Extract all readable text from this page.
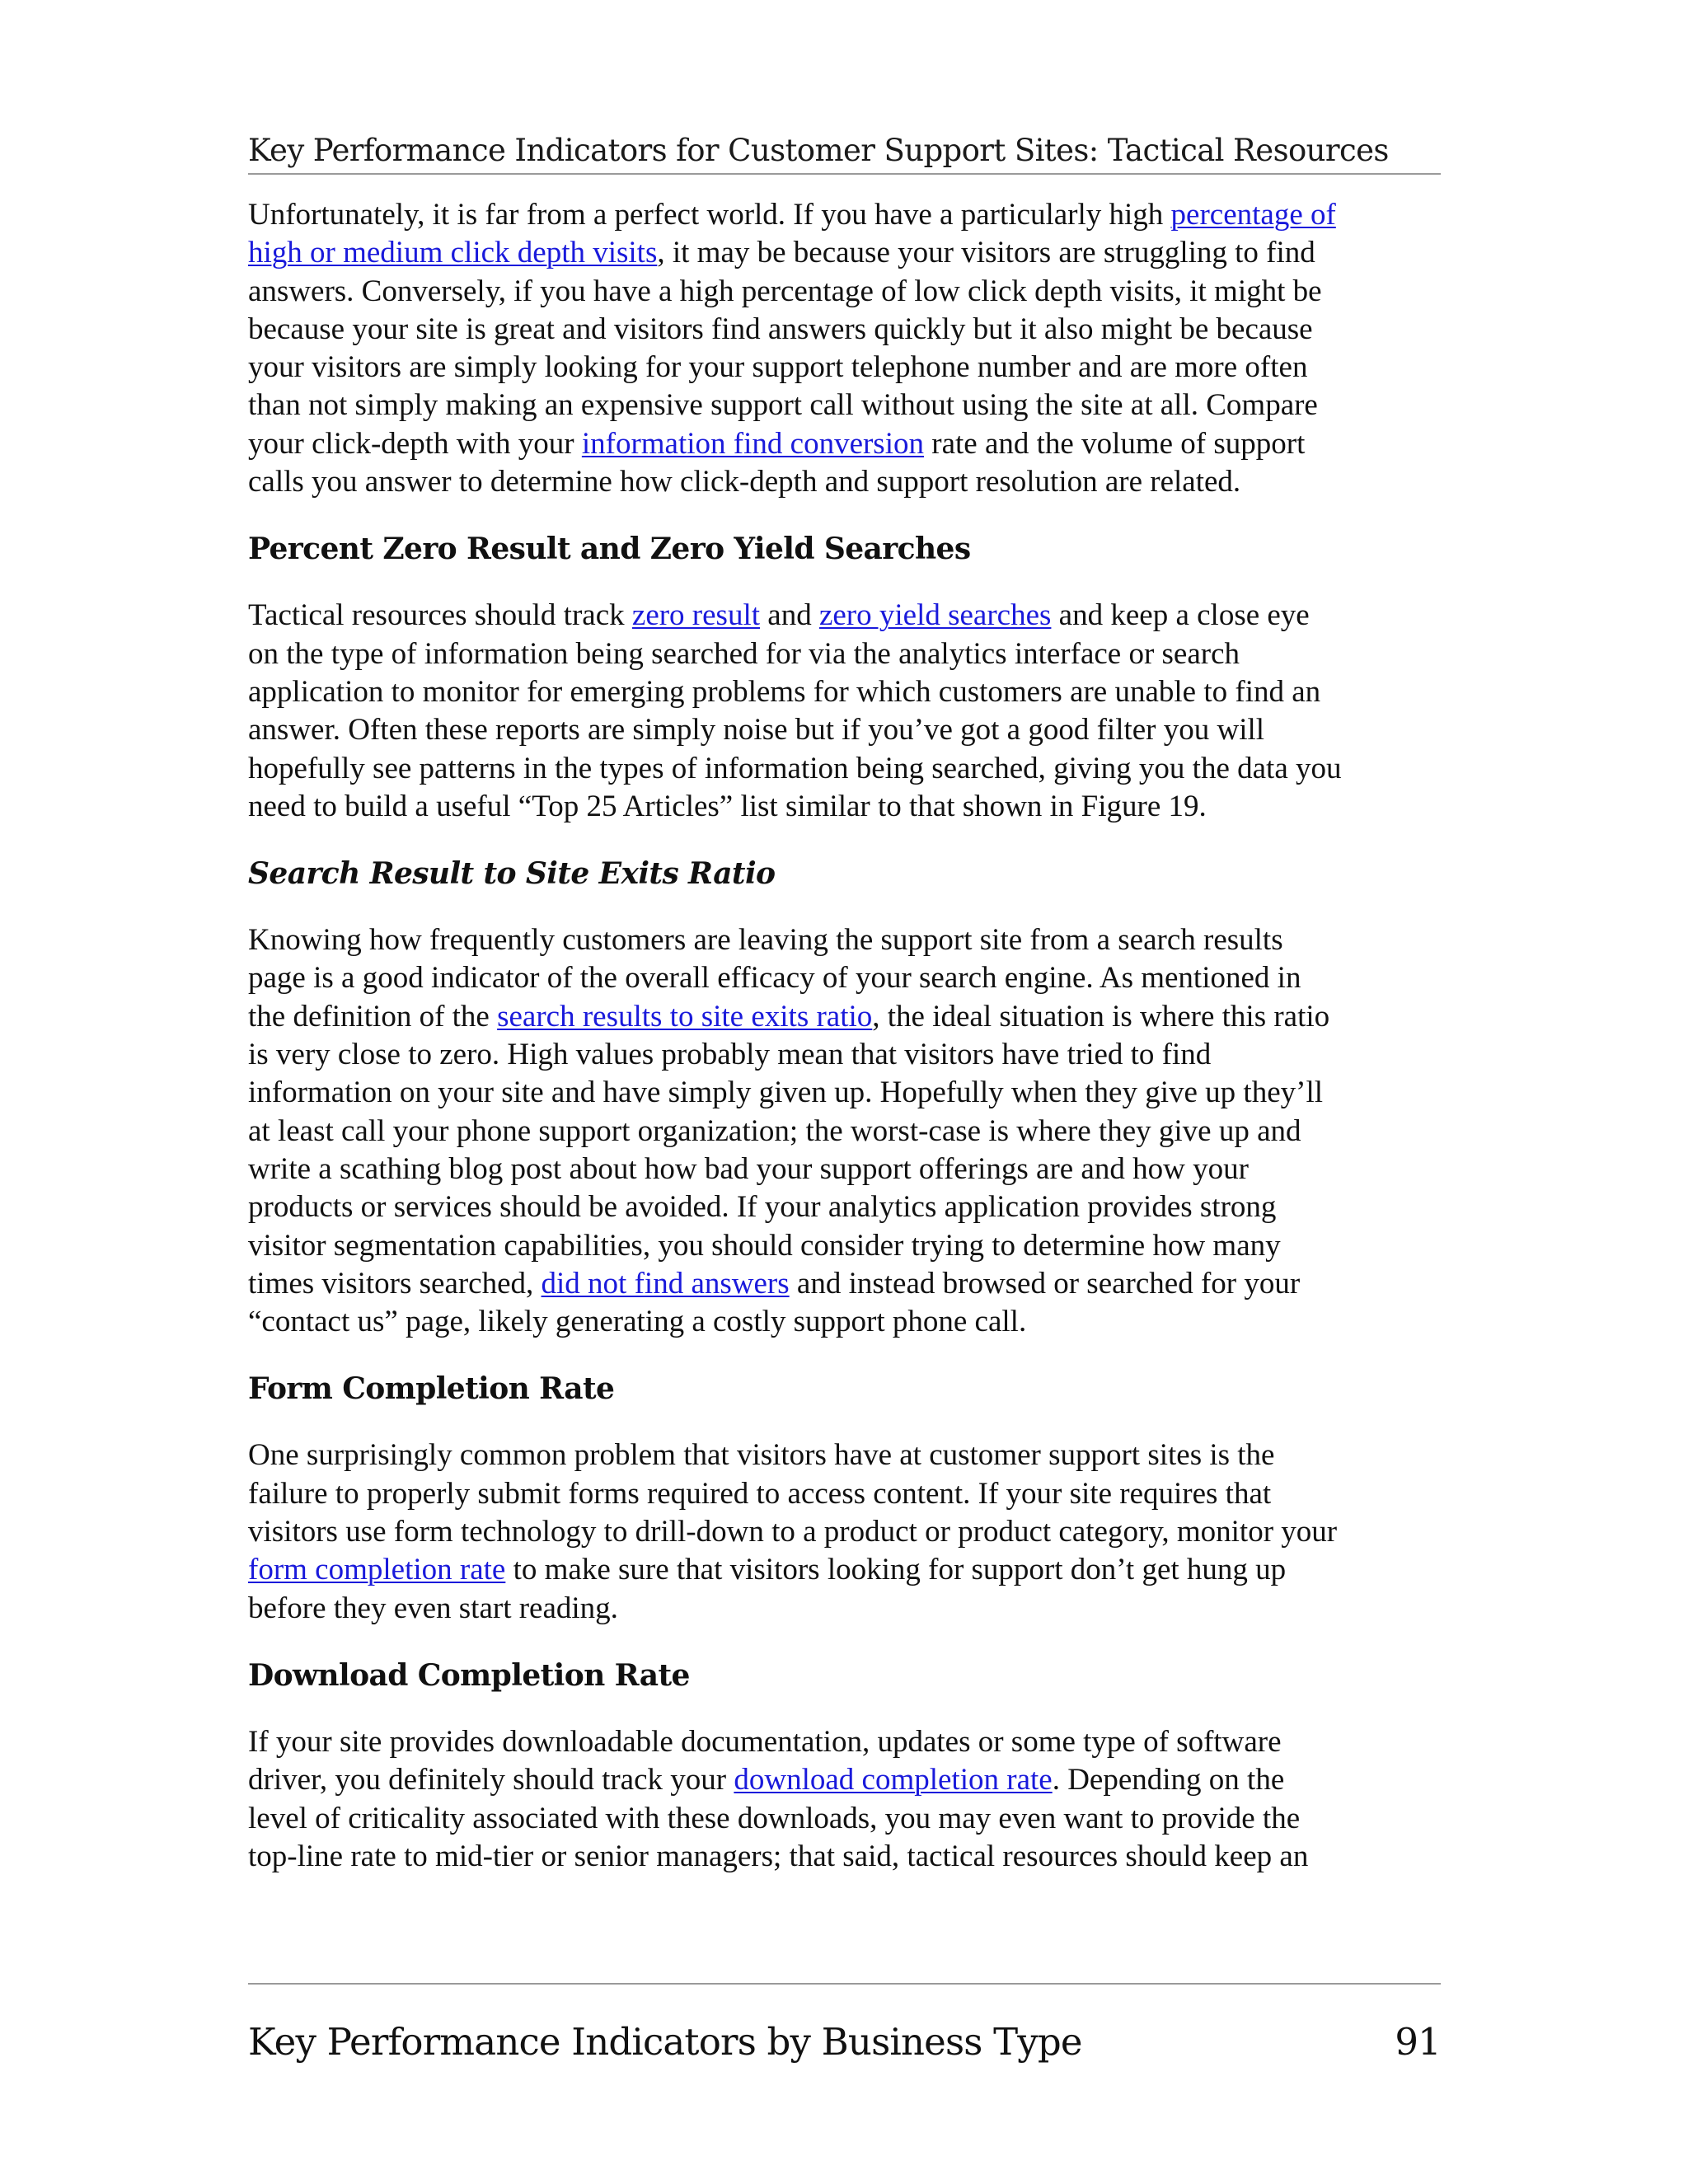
Key Performance Indicators for Customer Support Sites: Tactical Resources

Unfortunately, it is far from a perfect world. If you have a particularly high percentage of

high or medium click depth visits, it may be because your visitors are struggling to find

answers. Conversely, if you have a high percentage of low click depth visits, it might be

because your site is great and visitors find answers quickly but it also might be because

your visitors are simply looking for your support telephone number and are more often

than not simply making an expensive support call without using the site at all. Compare

your click-depth with your information find conversion rate and the volume of support

calls you answer to determine how click-depth and support resolution are related.

Percent Zero Result and Zero Yield Searches

Tactical resources should track zero result and zero yield searches and keep a close eye

on the type of information being searched for via the analytics interface or search

application to monitor for emerging problems for which customers are unable to find an

answer. Often these reports are simply noise but if you’ve got a good filter you will

hopefully see patterns in the types of information being searched, giving you the data you

need to build a useful “Top 25 Articles” list similar to that shown in Figure 19.

Search Result to Site Exits Ratio

Knowing how frequently customers are leaving the support site from a search results

page is a good indicator of the overall efficacy of your search engine. As mentioned in

the definition of the search results to site exits ratio, the ideal situation is where this ratio

is very close to zero. High values probably mean that visitors have tried to find

information on your site and have simply given up. Hopefully when they give up they’ll

at least call your phone support organization; the worst-case is where they give up and

write a scathing blog post about how bad your support offerings are and how your

products or services should be avoided. If your analytics application provides strong

visitor segmentation capabilities, you should consider trying to determine how many

times visitors searched, did not find answers and instead browsed or searched for your

“contact us” page, likely generating a costly support phone call.

Form Completion Rate

One surprisingly common problem that visitors have at customer support sites is the

failure to properly submit forms required to access content. If your site requires that

visitors use form technology to drill-down to a product or product category, monitor your

form completion rate to make sure that visitors looking for support don’t get hung up

before they even start reading.

Download Completion Rate

If your site provides downloadable documentation, updates or some type of software

driver, you definitely should track your download completion rate. Depending on the

level of criticality associated with these downloads, you may even want to provide the

top-line rate to mid-tier or senior managers; that said, tactical resources should keep an

Key Performance Indicators by Business Type	91
